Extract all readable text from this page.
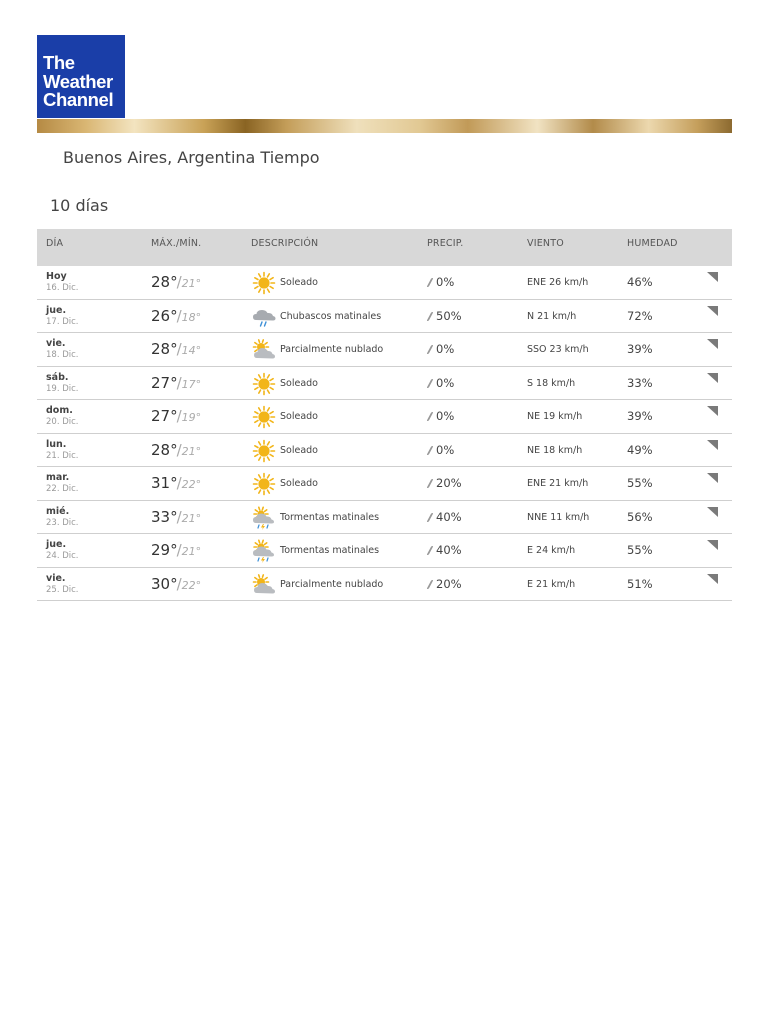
The
Weather
Channel
Buenos Aires, Argentina Tiempo
10 días
DÍA	MÁX./MÍN.	DESCRIPCIÓN	PRECIP.	VIENTO	HUMEDAD
Hoy
16. Dic.	28°/21°	Soleado	0%	ENE 26 km/h	46%
jue.
17. Dic.	26°/18°	Chubascos matinales	50%	N 21 km/h	72%
vie.
18. Dic.	28°/14°	Parcialmente nublado	0%	SSO 23 km/h	39%
sáb.
19. Dic.	27°/17°	Soleado	0%	S 18 km/h	33%
dom.
20. Dic.	27°/19°	Soleado	0%	NE 19 km/h	39%
lun.
21. Dic.	28°/21°	Soleado	0%	NE 18 km/h	49%
mar.
22. Dic.	31°/22°	Soleado	20%	ENE 21 km/h	55%
mié.
23. Dic.	33°/21°	Tormentas matinales	40%	NNE 11 km/h	56%
jue.
24. Dic.	29°/21°	Tormentas matinales	40%	E 24 km/h	55%
vie.
25. Dic.	30°/22°	Parcialmente nublado	20%	E 21 km/h	51%
